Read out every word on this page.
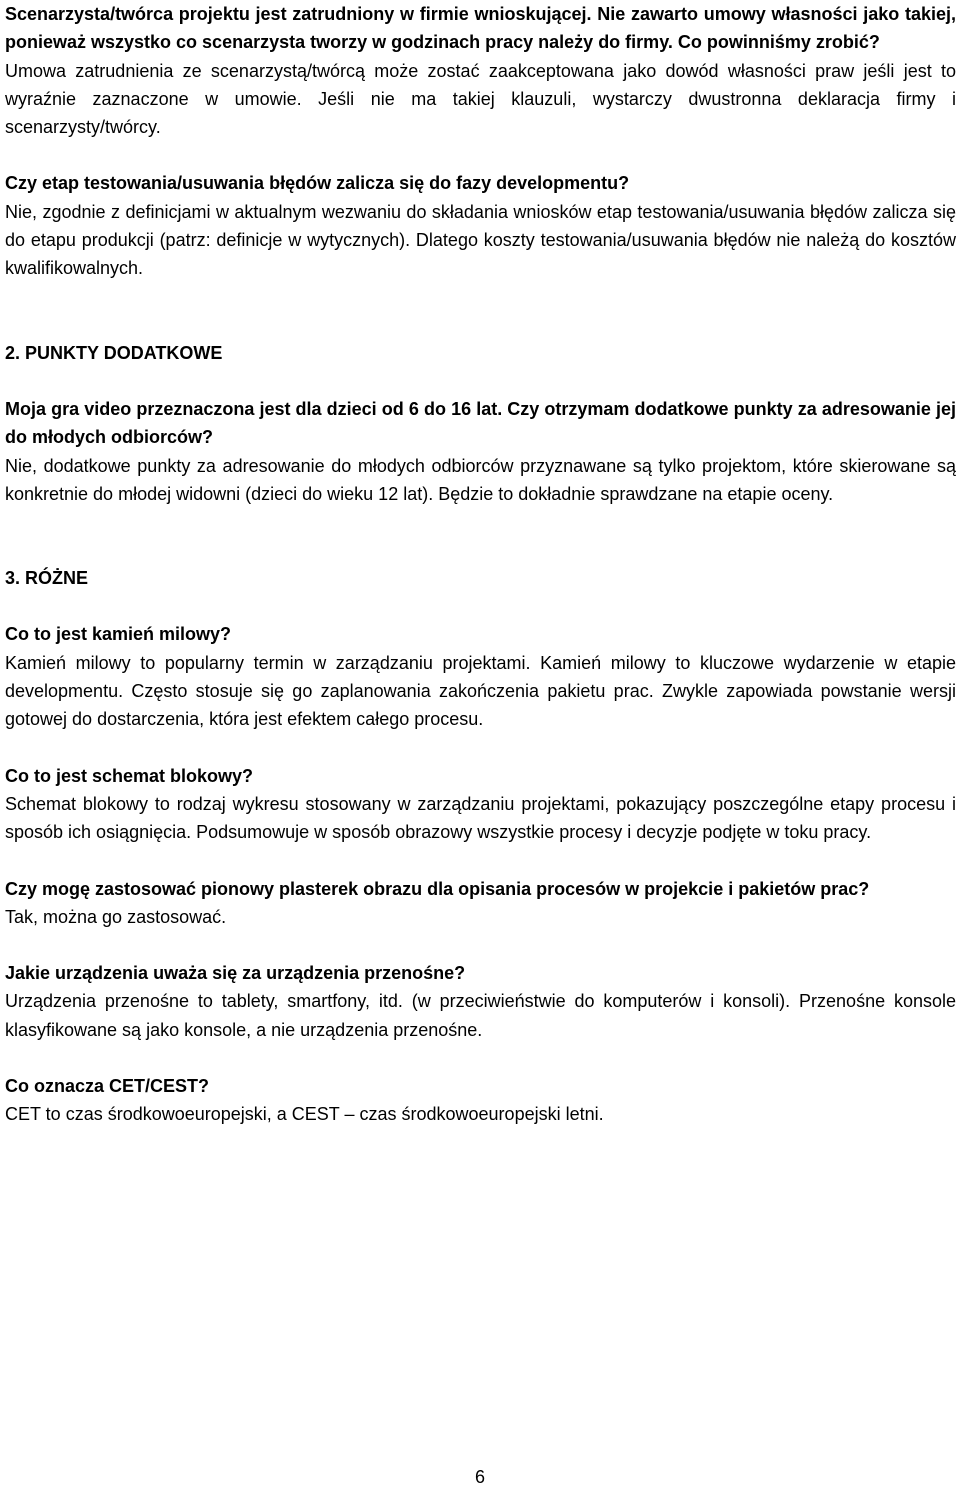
Scenarzysta/twórca projektu jest zatrudniony w firmie wnioskującej. Nie zawarto umowy własności jako takiej, ponieważ wszystko co scenarzysta tworzy w godzinach pracy należy do firmy. Co powinniśmy zrobić?

Umowa zatrudnienia ze scenarzystą/twórcą może zostać zaakceptowana jako dowód własności praw jeśli jest to wyraźnie zaznaczone w umowie. Jeśli nie ma takiej klauzuli, wystarczy dwustronna deklaracja firmy i scenarzysty/twórcy.

Czy etap testowania/usuwania błędów zalicza się do fazy developmentu?

Nie, zgodnie z definicjami w aktualnym wezwaniu do składania wniosków etap testowania/usuwania błędów zalicza się do etapu produkcji (patrz: definicje w wytycznych). Dlatego koszty testowania/usuwania błędów nie należą do kosztów kwalifikowalnych.

2. PUNKTY DODATKOWE

Moja gra video przeznaczona jest dla dzieci od 6 do 16 lat. Czy otrzymam dodatkowe punkty za adresowanie jej do młodych odbiorców?

Nie, dodatkowe punkty za adresowanie do młodych odbiorców przyznawane są tylko projektom, które skierowane są konkretnie do młodej widowni (dzieci do wieku 12 lat). Będzie to dokładnie sprawdzane na etapie oceny.

3. RÓŻNE

Co to jest kamień milowy?

Kamień milowy to popularny termin w zarządzaniu projektami. Kamień milowy to kluczowe wydarzenie w etapie developmentu. Często stosuje się go zaplanowania zakończenia pakietu prac. Zwykle zapowiada powstanie wersji gotowej do dostarczenia, która jest efektem całego procesu.

Co to jest schemat blokowy?

Schemat blokowy to rodzaj wykresu stosowany w zarządzaniu projektami, pokazujący poszczególne etapy procesu i sposób ich osiągnięcia. Podsumowuje w sposób obrazowy wszystkie procesy i decyzje podjęte w toku pracy.

Czy mogę zastosować pionowy plasterek obrazu dla opisania procesów w projekcie i pakietów prac?

Tak, można go zastosować.

Jakie urządzenia uważa się za urządzenia przenośne?

Urządzenia przenośne to tablety, smartfony, itd. (w przeciwieństwie do komputerów i konsoli). Przenośne konsole klasyfikowane są jako konsole, a nie urządzenia przenośne.

Co oznacza CET/CEST?

CET to czas środkowoeuropejski, a CEST – czas środkowoeuropejski letni.

6
